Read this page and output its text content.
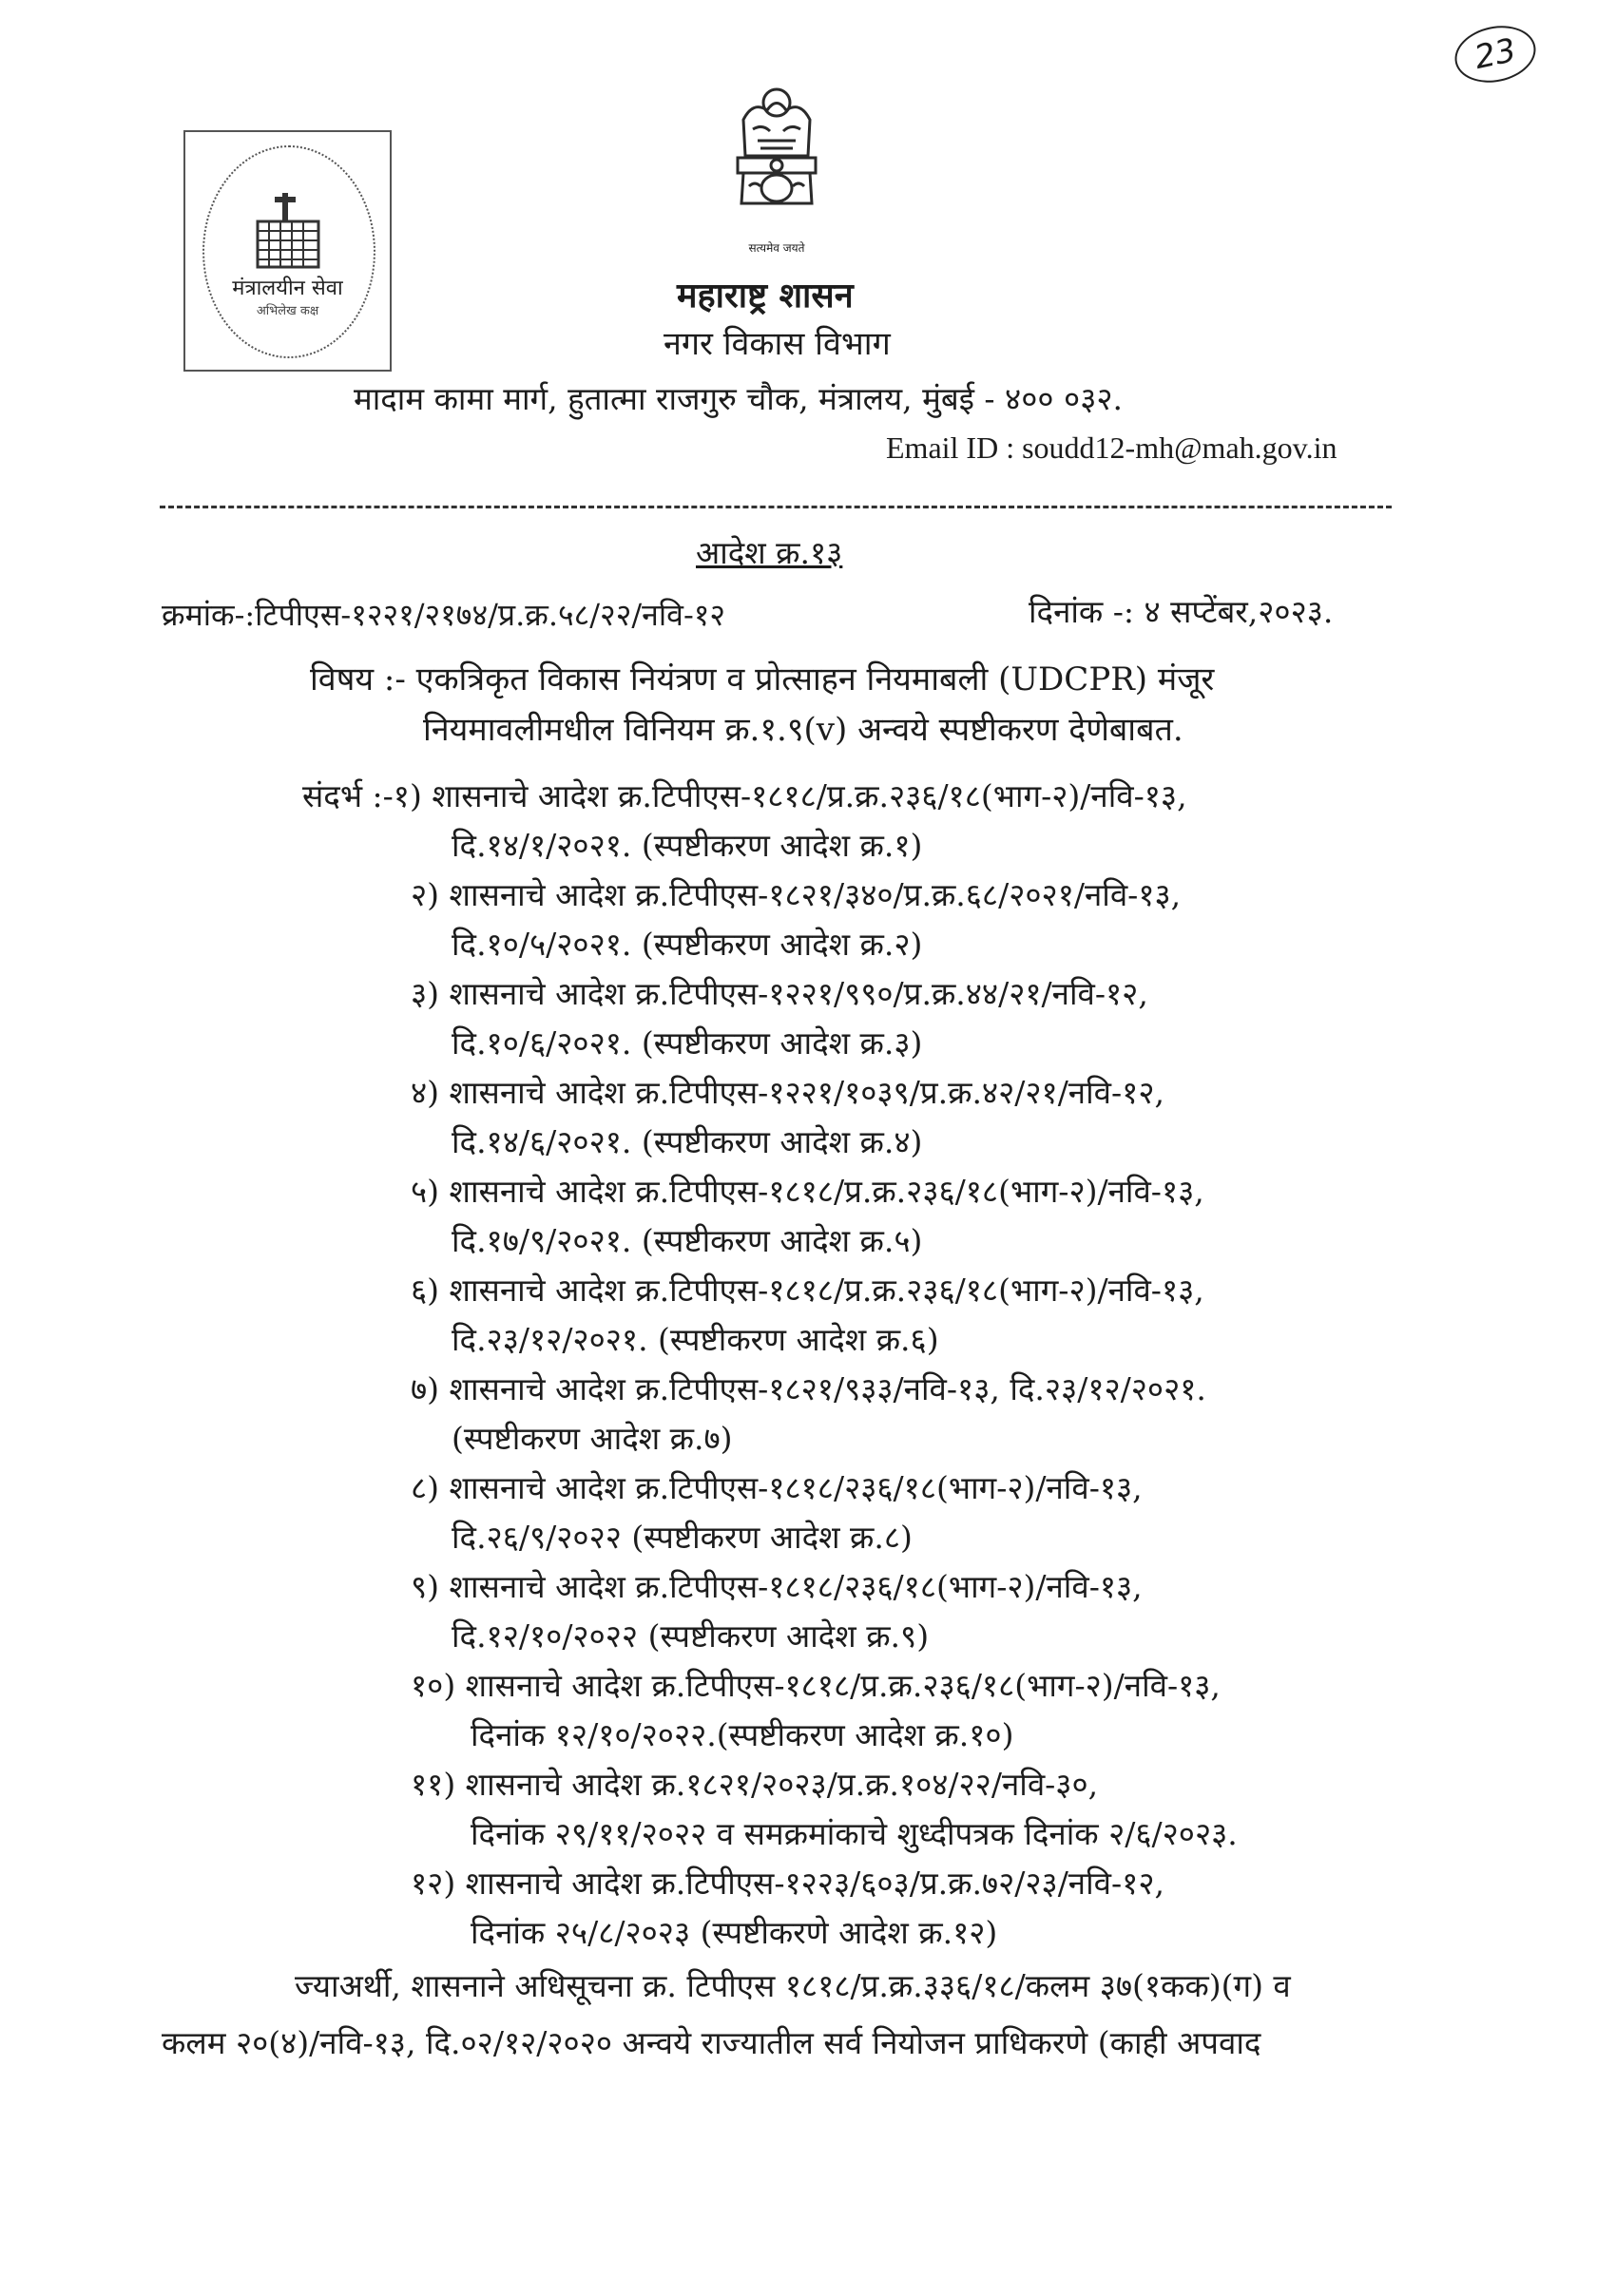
23
मंत्रालयीन सेवा
अभिलेख कक्ष
सत्यमेव जयते
महाराष्ट्र शासन
नगर विकास विभाग
मादाम कामा मार्ग, हुतात्मा राजगुरु चौक, मंत्रालय, मुंबई - ४०० ०३२.
Email ID : soudd12-mh@mah.gov.in
आदेश क्र.१३
क्रमांक-:टिपीएस-१२२१/२१७४/प्र.क्र.५८/२२/नवि-१२	दिनांक -: ४ सप्टेंबर,२०२३.
विषय :- एकत्रिकृत विकास नियंत्रण व प्रोत्साहन नियमाबली (UDCPR) मंजूर
नियमावलीमधील विनियम क्र.१.९(v) अन्वये स्पष्टीकरण देणेबाबत.
संदर्भ :-१) शासनाचे आदेश क्र.टिपीएस-१८१८/प्र.क्र.२३६/१८(भाग-२)/नवि-१३,
दि.१४/१/२०२१. (स्पष्टीकरण आदेश क्र.१)
२) शासनाचे आदेश क्र.टिपीएस-१८२१/३४०/प्र.क्र.६८/२०२१/नवि-१३,
दि.१०/५/२०२१. (स्पष्टीकरण आदेश क्र.२)
३) शासनाचे आदेश क्र.टिपीएस-१२२१/९९०/प्र.क्र.४४/२१/नवि-१२,
दि.१०/६/२०२१. (स्पष्टीकरण आदेश क्र.३)
४) शासनाचे आदेश क्र.टिपीएस-१२२१/१०३९/प्र.क्र.४२/२१/नवि-१२,
दि.१४/६/२०२१. (स्पष्टीकरण आदेश क्र.४)
५) शासनाचे आदेश क्र.टिपीएस-१८१८/प्र.क्र.२३६/१८(भाग-२)/नवि-१३,
दि.१७/९/२०२१. (स्पष्टीकरण आदेश क्र.५)
६) शासनाचे आदेश क्र.टिपीएस-१८१८/प्र.क्र.२३६/१८(भाग-२)/नवि-१३,
दि.२३/१२/२०२१. (स्पष्टीकरण आदेश क्र.६)
७) शासनाचे आदेश क्र.टिपीएस-१८२१/९३३/नवि-१३, दि.२३/१२/२०२१.
(स्पष्टीकरण आदेश क्र.७)
८) शासनाचे आदेश क्र.टिपीएस-१८१८/२३६/१८(भाग-२)/नवि-१३,
दि.२६/९/२०२२ (स्पष्टीकरण आदेश क्र.८)
९) शासनाचे आदेश क्र.टिपीएस-१८१८/२३६/१८(भाग-२)/नवि-१३,
दि.१२/१०/२०२२ (स्पष्टीकरण आदेश क्र.९)
१०) शासनाचे आदेश क्र.टिपीएस-१८१८/प्र.क्र.२३६/१८(भाग-२)/नवि-१३,
दिनांक १२/१०/२०२२.(स्पष्टीकरण आदेश क्र.१०)
११) शासनाचे आदेश क्र.१८२१/२०२३/प्र.क्र.१०४/२२/नवि-३०,
दिनांक २९/११/२०२२ व समक्रमांकाचे शुध्दीपत्रक दिनांक २/६/२०२३.
१२) शासनाचे आदेश क्र.टिपीएस-१२२३/६०३/प्र.क्र.७२/२३/नवि-१२,
दिनांक २५/८/२०२३ (स्पष्टीकरणे आदेश क्र.१२)
ज्याअर्थी, शासनाने अधिसूचना क्र. टिपीएस १८१८/प्र.क्र.३३६/१८/कलम ३७(१कक)(ग) व
कलम २०(४)/नवि-१३, दि.०२/१२/२०२० अन्वये राज्यातील सर्व नियोजन प्राधिकरणे (काही अपवाद
